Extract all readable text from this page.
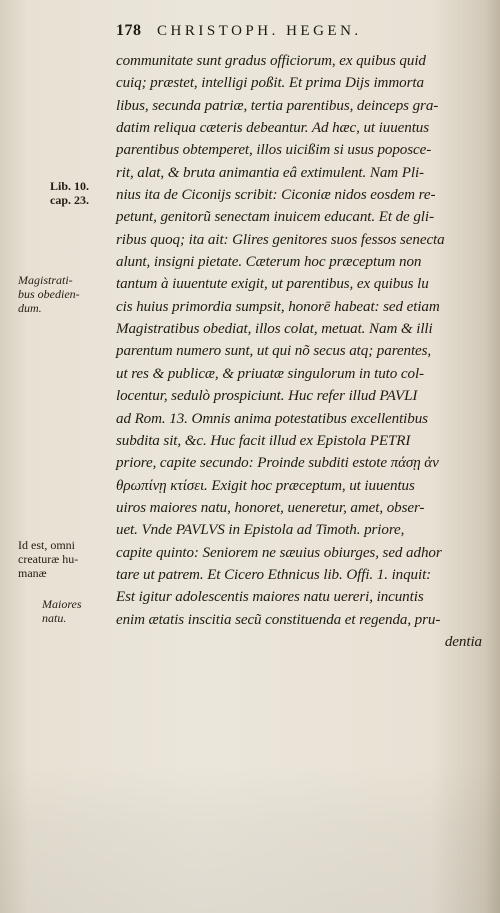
178 CHRISTOPH. HEGEN.
communitate sunt gradus officiorum, ex quibus quid
cuiq; præstet, intelligi poßit. Et prima Dijs immorta
libus, secunda patriæ, tertia parentibus, deinceps gra-
datim reliqua cæteris debeantur. Ad hæc, ut iuuentus
parentibus obtemperet, illos uicißim si usus poposce-
rit, alat, & bruta animantia eâ extimulent. Nam Pli-
nius ita de Ciconijs scribit: Ciconiæ nidos eosdem re-
petunt, genitorũ senectam inuicem educant. Et de gli-
ribus quoq; ita ait: Glires genitores suos fessos senecta
alunt, insigni pietate. Cæterum hoc præceptum non
tantum à iuuentute exigit, ut parentibus, ex quibus lu
cis huius primordia sumpsit, honorē habeat: sed etiam
Magistratibus obediat, illos colat, metuat. Nam & illi
parentum numero sunt, ut qui nõ secus atq; parentes,
ut res & publicæ, & priuatæ singulorum in tuto col-
locentur, sedulò prospiciunt. Huc refer illud PAVLI
ad Rom. 13. Omnis anima potestatibus excellentibus
subdita sit, &c. Huc facit illud ex Epistola PETRI
priore, capite secundo: Proinde subditi estote πάσῃ ἀν
θρωπίνῃ κτίσει. Exigit hoc præceptum, ut iuuentus
uiros maiores natu, honoret, ueneretur, amet, obser-
uet. Vnde PAVLVS in Epistola ad Timoth. priore,
capite quinto: Seniorem ne sæuius obiurges, sed adhor
tare ut patrem. Et Cicero Ethnicus lib. Offi. 1. inquit:
Est igitur adolescentis maiores natu uereri, incuntis
enim ætatis inscitia secũ constituenda et regenda, pru-
dentia
Lib. 10.
cap. 23.
Magistrati-
bus obedien-
dum.
Id est, omni
creaturæ hu-
manæ
Maiores
natu.
